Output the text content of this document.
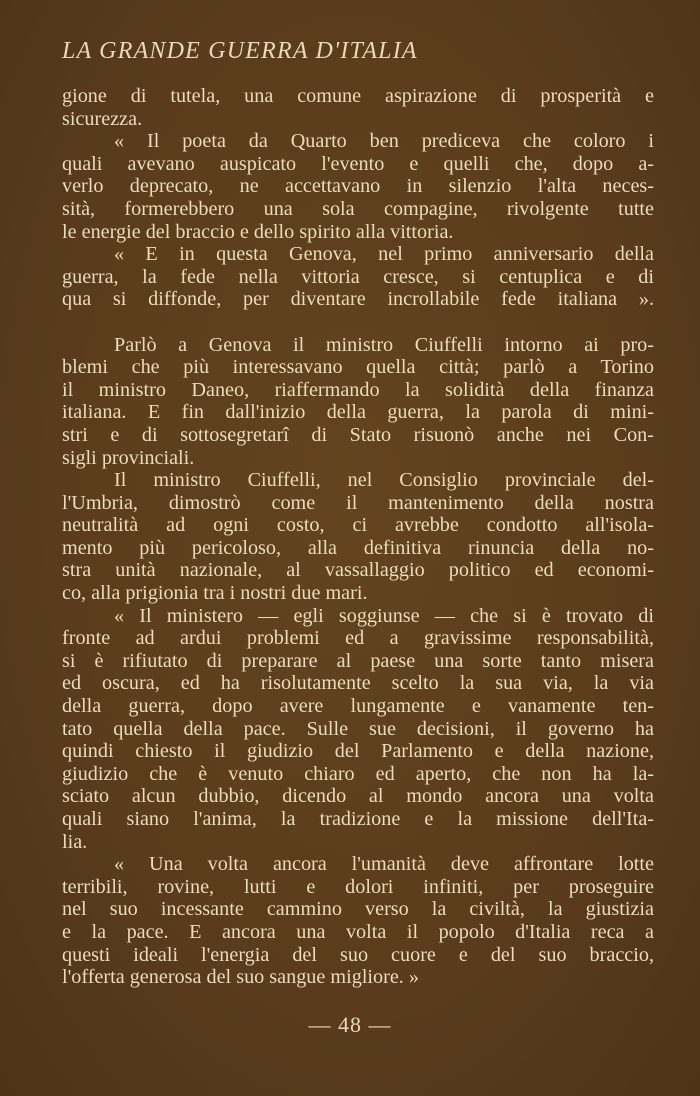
LA GRANDE GUERRA D'ITALIA
gione di tutela, una comune aspirazione di prosperità e
sicurezza.
« Il poeta da Quarto ben prediceva che coloro i
quali avevano auspicato l'evento e quelli che, dopo a-
verlo deprecato, ne accettavano in silenzio l'alta neces-
sità, formerebbero una sola compagine, rivolgente tutte
le energie del braccio e dello spirito alla vittoria.
« E in questa Genova, nel primo anniversario della
guerra, la fede nella vittoria cresce, si centuplica e di
qua si diffonde, per diventare incrollabile fede italiana ».
Parlò a Genova il ministro Ciuffelli intorno ai pro-
blemi che più interessavano quella città; parlò a Torino
il ministro Daneo, riaffermando la solidità della finanza
italiana. E fin dall'inizio della guerra, la parola di mini-
stri e di sottosegretarî di Stato risuonò anche nei Con-
sigli provinciali.
Il ministro Ciuffelli, nel Consiglio provinciale del-
l'Umbria, dimostrò come il mantenimento della nostra
neutralità ad ogni costo, ci avrebbe condotto all'isola-
mento più pericoloso, alla definitiva rinuncia della no-
stra unità nazionale, al vassallaggio politico ed economi-
co, alla prigionia tra i nostri due mari.
« Il ministero — egli soggiunse — che si è trovato di
fronte ad ardui problemi ed a gravissime responsabilità,
si è rifiutato di preparare al paese una sorte tanto misera
ed oscura, ed ha risolutamente scelto la sua via, la via
della guerra, dopo avere lungamente e vanamente ten-
tato quella della pace. Sulle sue decisioni, il governo ha
quindi chiesto il giudizio del Parlamento e della nazione,
giudizio che è venuto chiaro ed aperto, che non ha la-
sciato alcun dubbio, dicendo al mondo ancora una volta
quali siano l'anima, la tradizione e la missione dell'Ita-
lia.
« Una volta ancora l'umanità deve affrontare lotte
terribili, rovine, lutti e dolori infiniti, per proseguire
nel suo incessante cammino verso la civiltà, la giustizia
e la pace. E ancora una volta il popolo d'Italia reca a
questi ideali l'energia del suo cuore e del suo braccio,
l'offerta generosa del suo sangue migliore. »
— 48 —
